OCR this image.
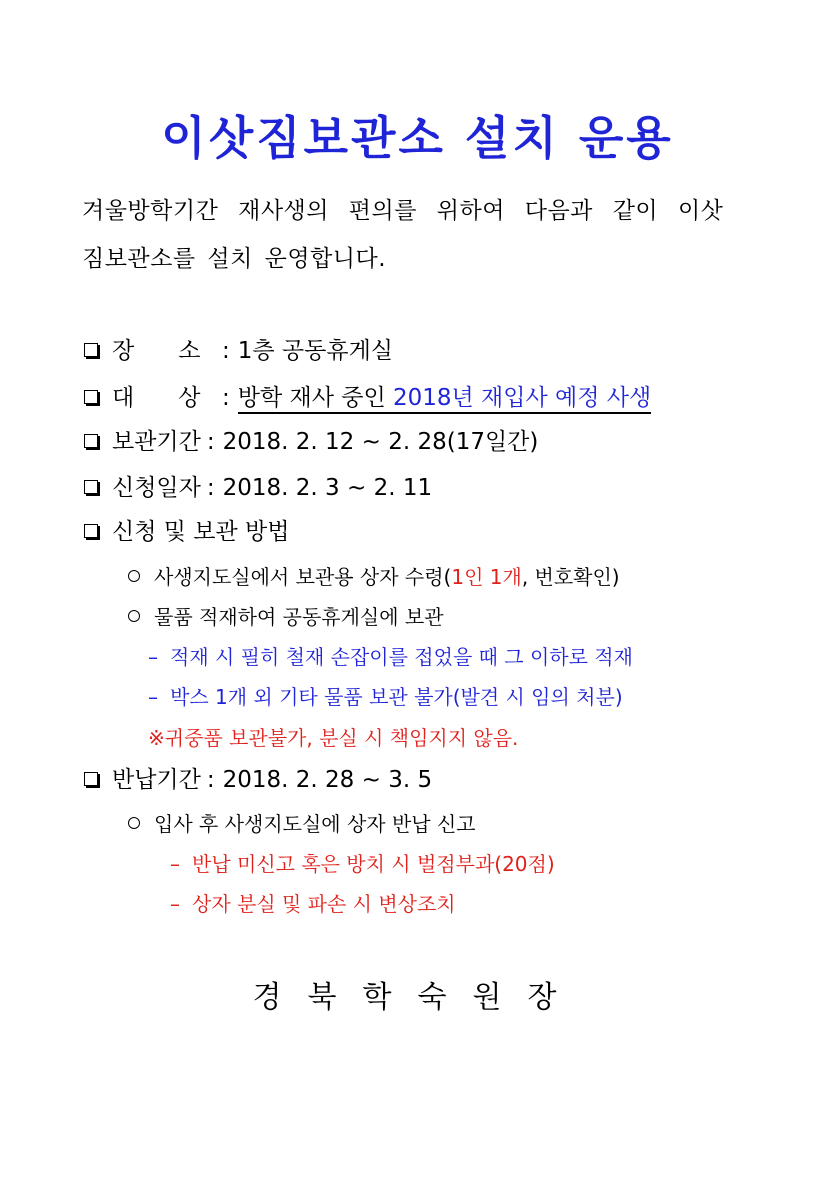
이삿짐보관소 설치 운용
겨울방학기간 재사생의 편의를 위하여 다음과 같이 이삿
짐보관소를 설치 운영합니다.
장 소 : 1층 공동휴게실
대 상 : 방학 재사 중인 2018년 재입사 예정 사생
보관기간 : 2018. 2. 12 ~ 2. 28(17일간)
신청일자 : 2018. 2. 3 ~ 2. 11
신청 및 보관 방법
사생지도실에서 보관용 상자 수령(1인 1개, 번호확인)
물품 적재하여 공동휴게실에 보관
– 적재 시 필히 철재 손잡이를 접었을 때 그 이하로 적재
– 박스 1개 외 기타 물품 보관 불가(발견 시 임의 처분)
※귀중품 보관불가, 분실 시 책임지지 않음.
반납기간 : 2018. 2. 28 ~ 3. 5
입사 후 사생지도실에 상자 반납 신고
– 반납 미신고 혹은 방치 시 벌점부과(20점)
– 상자 분실 및 파손 시 변상조치
경북학숙원장
